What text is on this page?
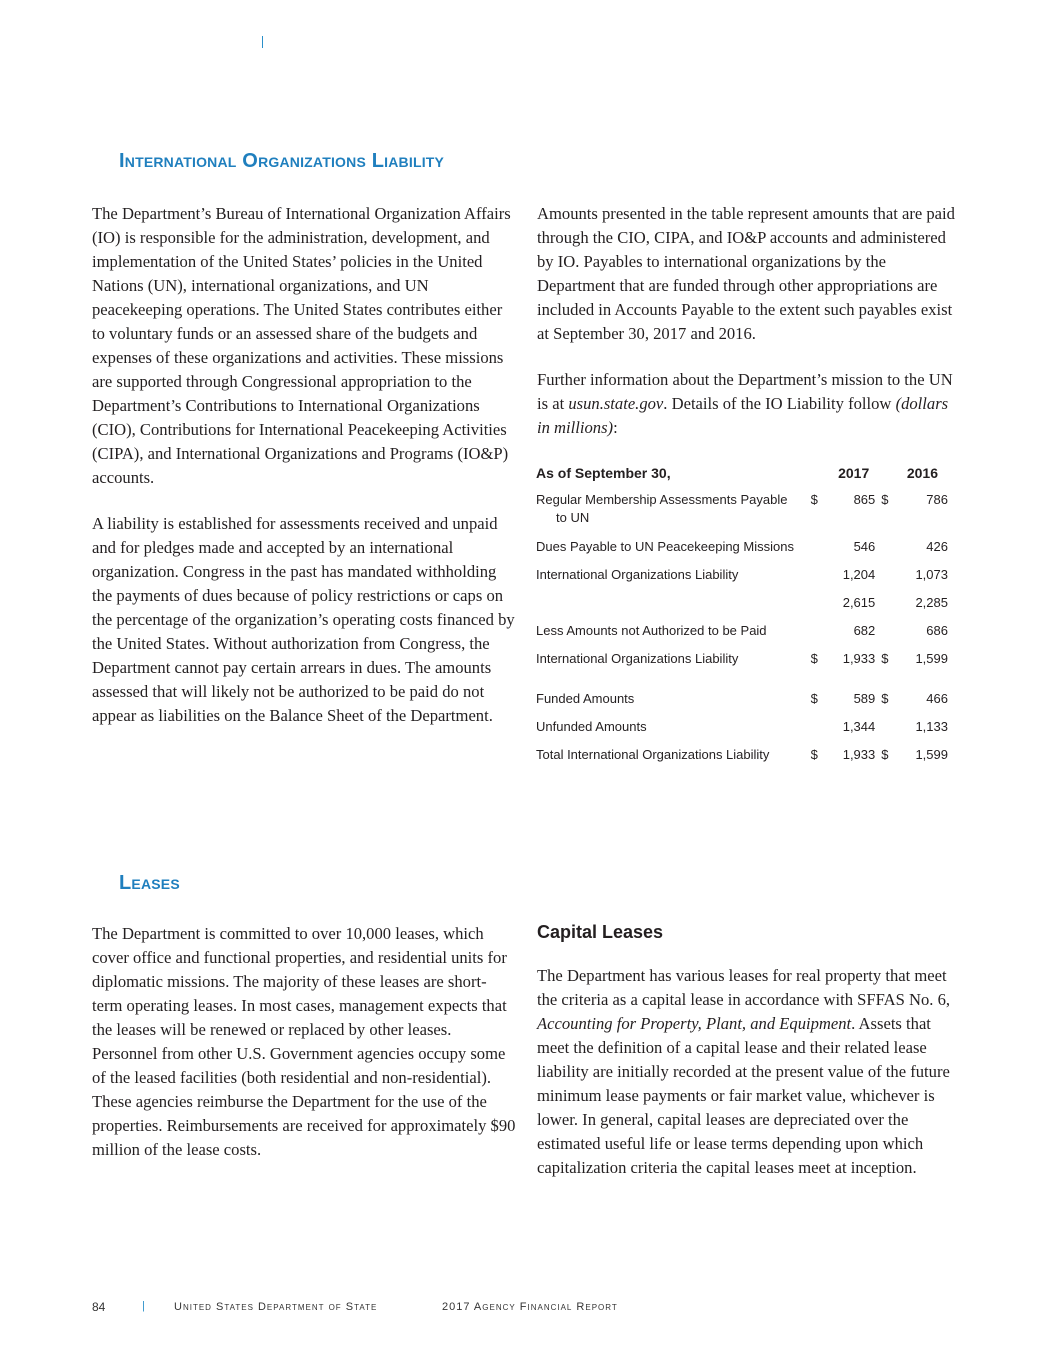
International Organizations Liability

The Department’s Bureau of International Organization Affairs (IO) is responsible for the administration, development, and implementation of the United States’ policies in the United Nations (UN), international organizations, and UN peacekeeping operations. The United States contributes either to voluntary funds or an assessed share of the budgets and expenses of these organizations and activities. These missions are supported through Congressional appropriation to the Department’s Contributions to International Organizations (CIO), Contributions for International Peacekeeping Activities (CIPA), and International Organizations and Programs (IO&P) accounts.

A liability is established for assessments received and unpaid and for pledges made and accepted by an international organization. Congress in the past has mandated withholding the payments of dues because of policy restrictions or caps on the percentage of the organization’s operating costs financed by the United States. Without authorization from Congress, the Department cannot pay certain arrears in dues. The amounts assessed that will likely not be authorized to be paid do not appear as liabilities on the Balance Sheet of the Department.

Amounts presented in the table represent amounts that are paid through the CIO, CIPA, and IO&P accounts and administered by IO. Payables to international organizations by the Department that are funded through other appropriations are included in Accounts Payable to the extent such payables exist at September 30, 2017 and 2016.

Further information about the Department’s mission to the UN is at usun.state.gov. Details of the IO Liability follow (dollars in millions):

As of September 30,	2017		2016	
Regular Membership Assessments Payable
to UN	$	865	$	786
Dues Payable to UN Peacekeeping Missions		546		426
International Organizations Liability		1,204		1,073
		2,615		2,285
Less Amounts not Authorized to be Paid		682		686
International Organizations Liability	$	1,933	$	1,599

Funded Amounts	$	589	$	466
Unfunded Amounts		1,344		1,133
Total International Organizations Liability	$	1,933	$	1,599
Leases

The Department is committed to over 10,000 leases, which cover office and functional properties, and residential units for diplomatic missions. The majority of these leases are short-term operating leases. In most cases, management expects that the leases will be renewed or replaced by other leases. Personnel from other U.S. Government agencies occupy some of the leased facilities (both residential and non-residential). These agencies reimburse the Department for the use of the properties. Reimbursements are received for approximately $90 million of the lease costs.

Capital Leases

The Department has various leases for real property that meet the criteria as a capital lease in accordance with SFFAS No. 6, Accounting for Property, Plant, and Equipment. Assets that meet the definition of a capital lease and their related lease liability are initially recorded at the present value of the future minimum lease payments or fair market value, whichever is lower. In general, capital leases are depreciated over the estimated useful life or lease terms depending upon which capitalization criteria the capital leases meet at inception.

84	|	United States Department of State	2017 Agency Financial Report
